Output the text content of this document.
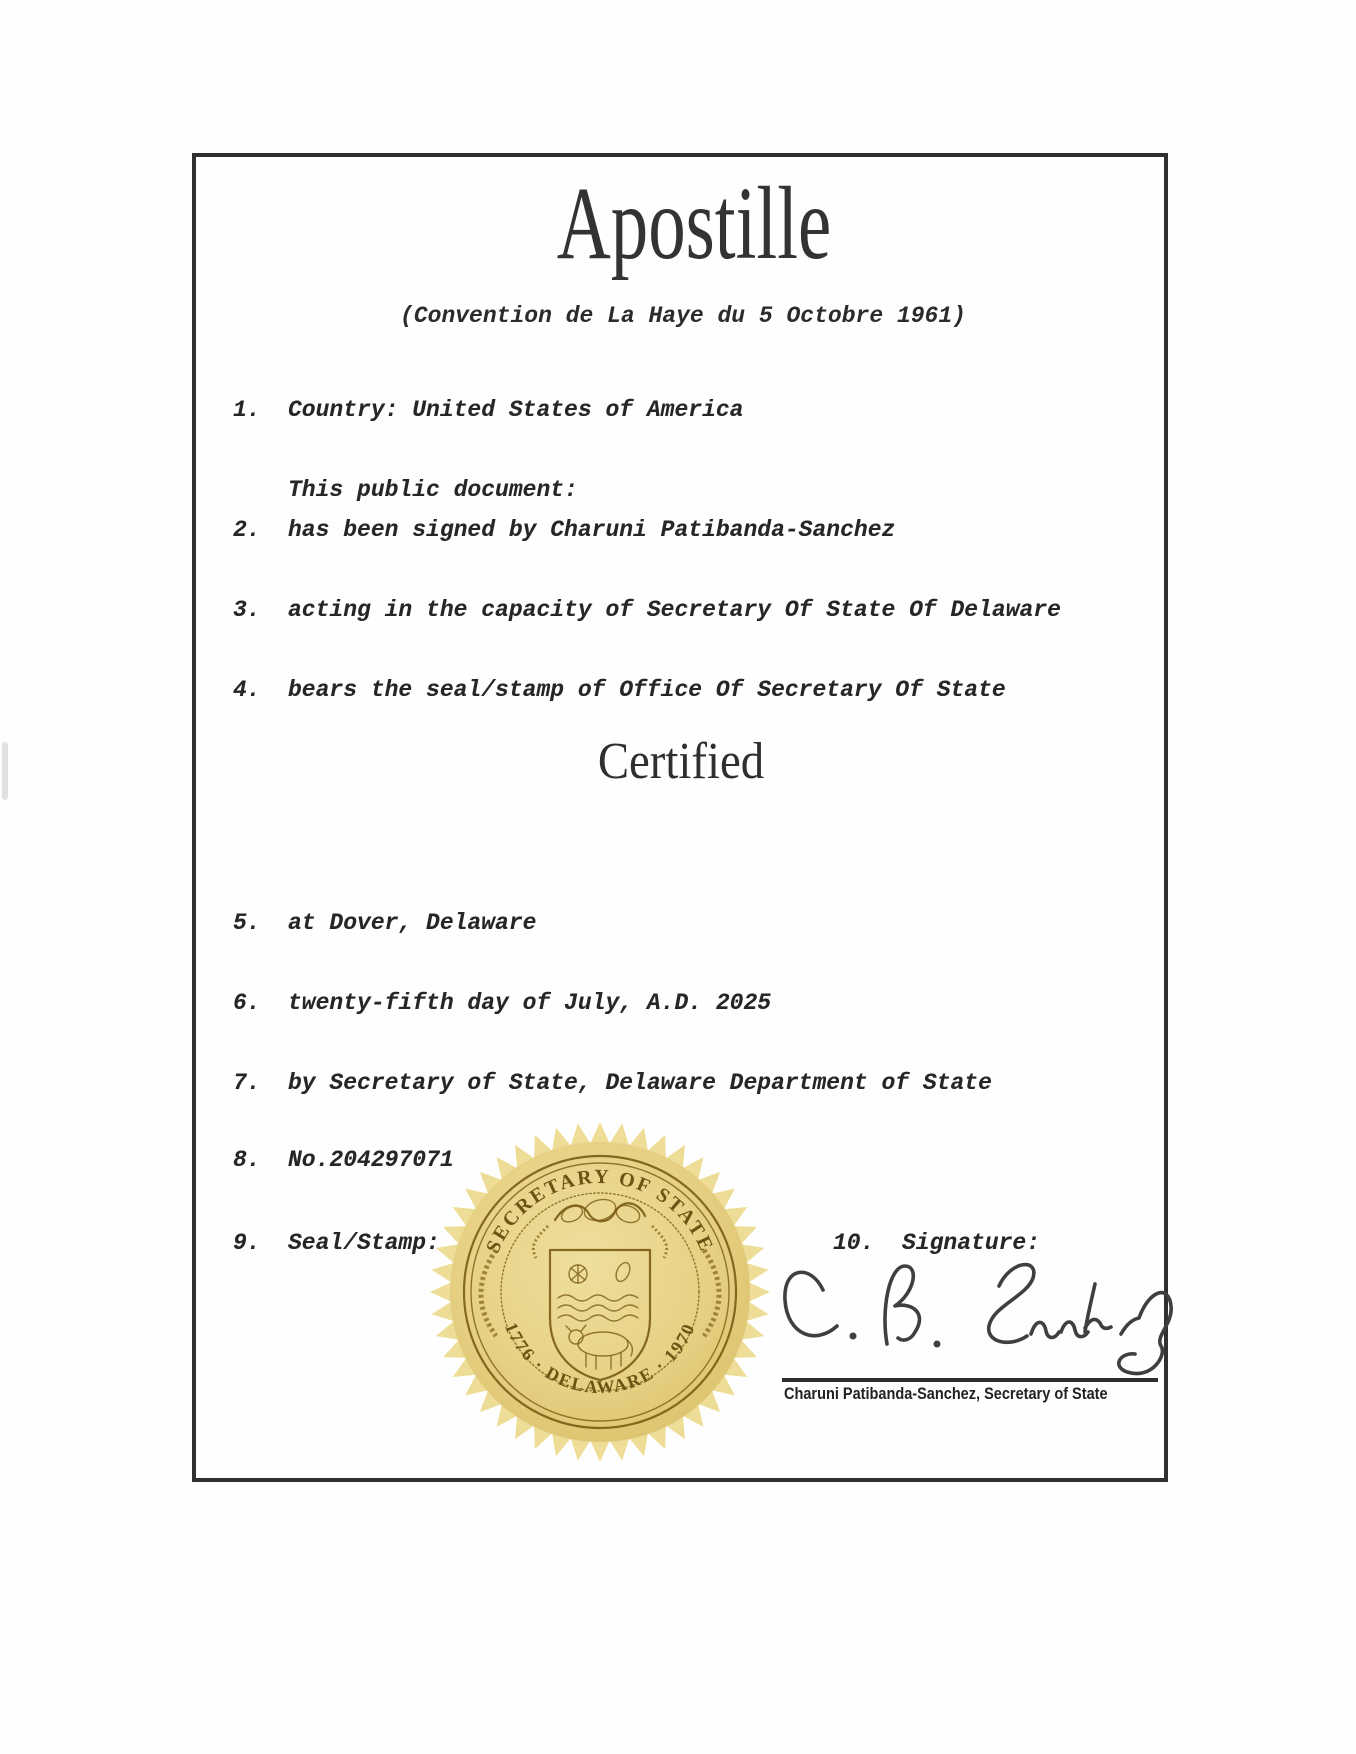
Apostille
(Convention de La Haye du 5 Octobre 1961)
1. Country: United States of America
This public document:
2. has been signed by Charuni Patibanda-Sanchez
3. acting in the capacity of Secretary Of State Of Delaware
4. bears the seal/stamp of Office Of Secretary Of State
Certified
5. at Dover, Delaware
6. twenty-fifth day of July, A.D. 2025
7. by Secretary of State, Delaware Department of State
8. No.204297071
9. Seal/Stamp:	10. Signature:
SECRETARY OF STATE
1776 · DELAWARE · 1970
Charuni Patibanda-Sanchez, Secretary of State
